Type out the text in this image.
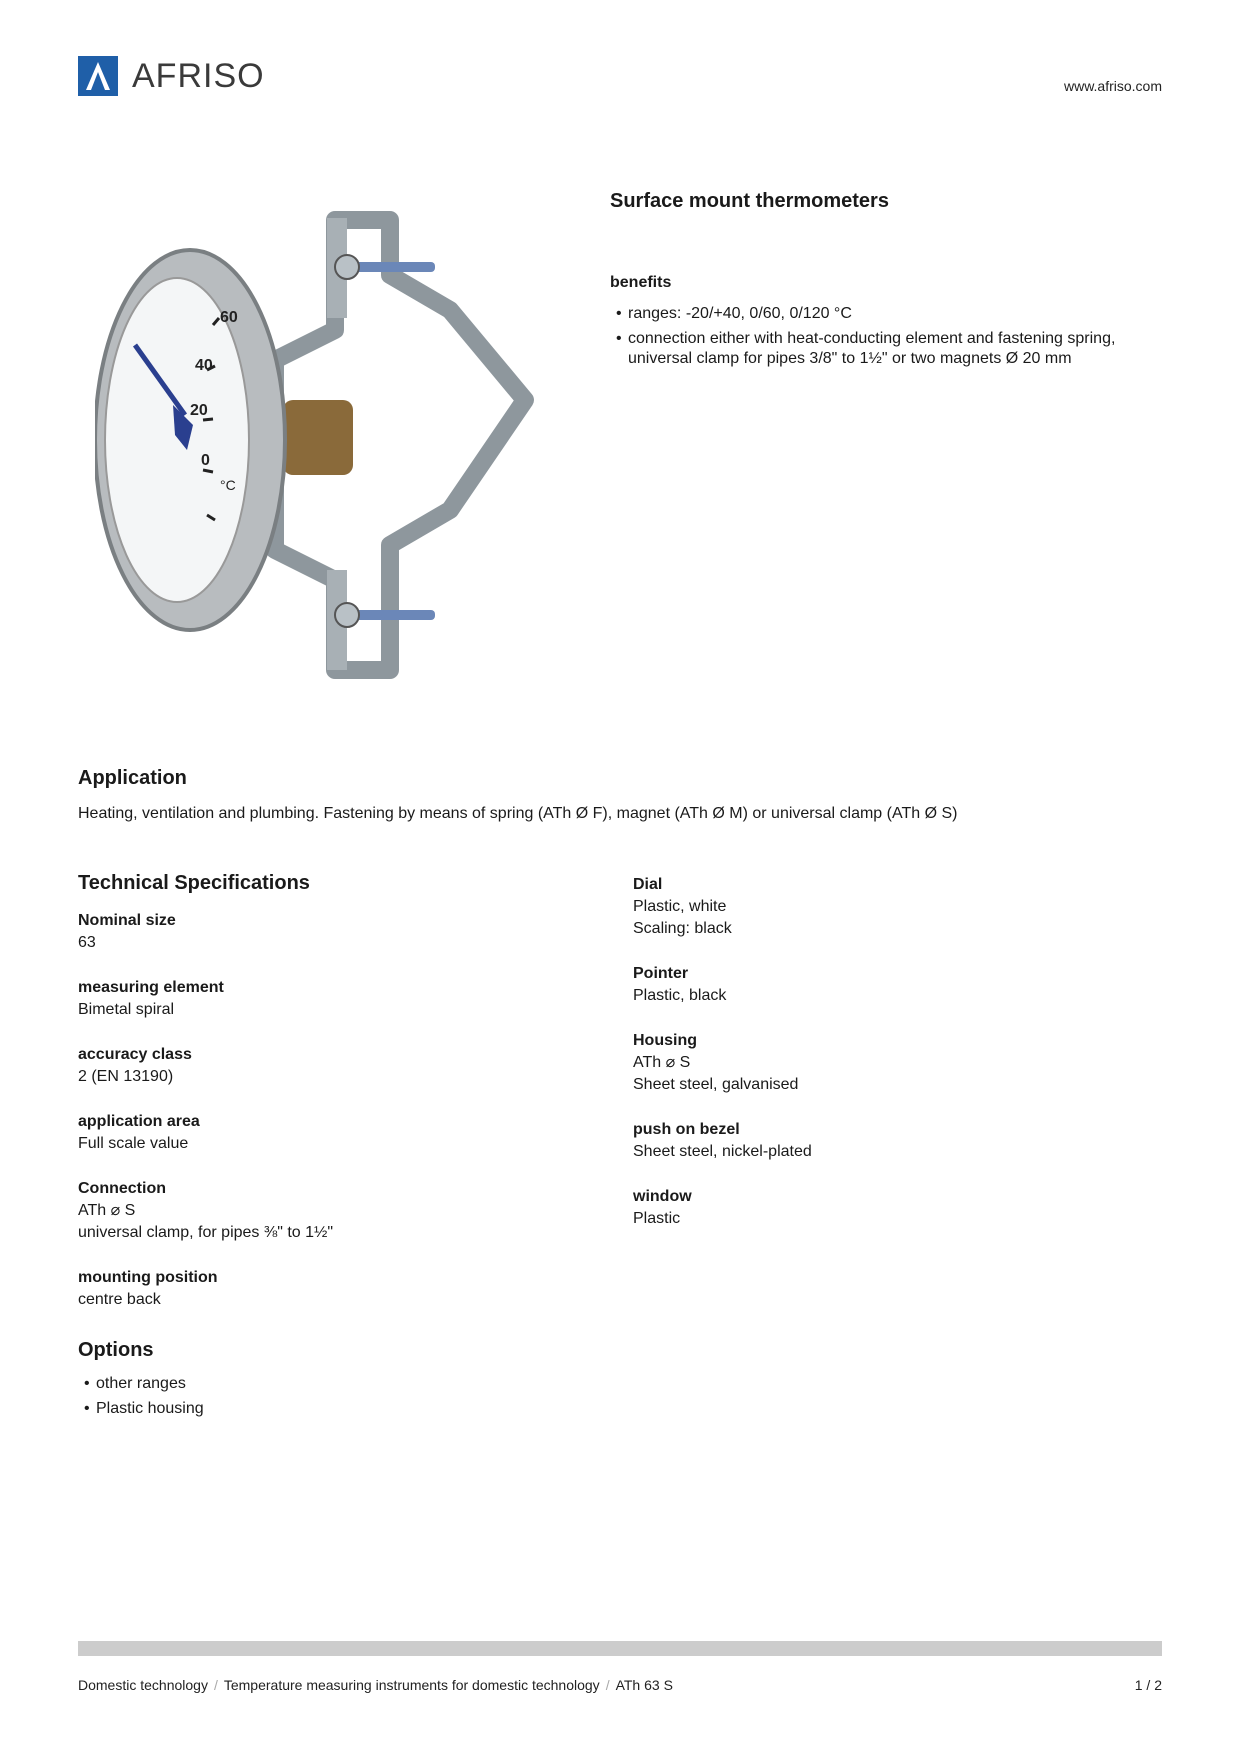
AFRISO	www.afriso.com
60
40
20
0
°C
Surface mount thermometers
benefits
• ranges: -20/+40, 0/60, 0/120 °C
• connection either with heat-conducting element and fastening spring, universal clamp for pipes 3/8" to 1½" or two magnets Ø 20 mm
Application
Heating, ventilation and plumbing. Fastening by means of spring (ATh Ø F), magnet (ATh Ø M) or universal clamp (ATh Ø S)
Technical Specifications
Nominal size
63
measuring element
Bimetal spiral
accuracy class
2 (EN 13190)
application area
Full scale value
Connection
ATh ⌀ S
universal clamp, for pipes ⅜" to 1½"
mounting position
centre back
Dial
Plastic, white
Scaling: black
Pointer
Plastic, black
Housing
ATh ⌀ S
Sheet steel, galvanised
push on bezel
Sheet steel, nickel-plated
window
Plastic
Options
• other ranges
• Plastic housing
Domestic technology / Temperature measuring instruments for domestic technology / ATh 63 S	1 / 2
